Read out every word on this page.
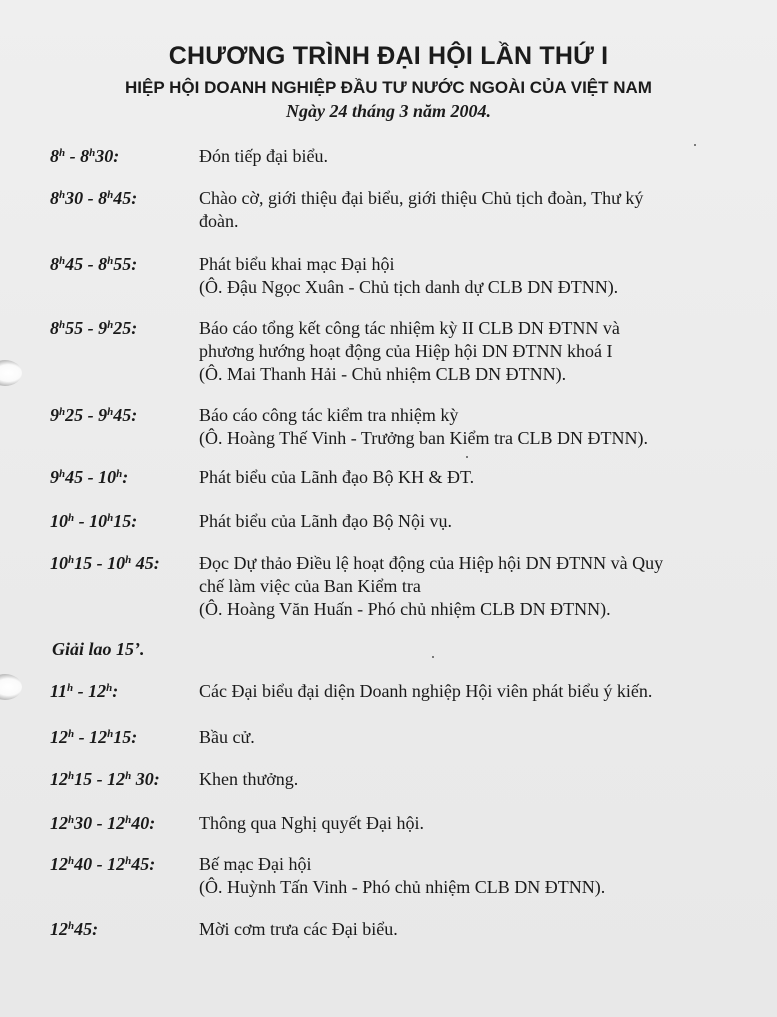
CHƯƠNG TRÌNH ĐẠI HỘI LẦN THỨ I
HIỆP HỘI DOANH NGHIỆP ĐẦU TƯ NƯỚC NGOÀI CỦA VIỆT NAM
Ngày 24 tháng 3 năm 2004.
8$^h$ - 8$^h$30:	Đón tiếp đại biểu.
8$^h$30 - 8$^h$45:	Chào cờ, giới thiệu đại biểu, giới thiệu Chủ tịch đoàn, Thư ký
đoàn.
8$^h$45 - 8$^h$55:	Phát biểu khai mạc Đại hội
(Ô. Đậu Ngọc Xuân - Chủ tịch danh dự CLB DN ĐTNN).
8$^h$55 - 9$^h$25:	Báo cáo tổng kết công tác nhiệm kỳ II CLB DN ĐTNN và
phương hướng hoạt động của Hiệp hội DN ĐTNN khoá I
(Ô. Mai Thanh Hải - Chủ nhiệm CLB DN ĐTNN).
9$^h$25 - 9$^h$45:	Báo cáo công tác kiểm tra nhiệm kỳ
(Ô. Hoàng Thế Vinh - Trưởng ban Kiểm tra CLB DN ĐTNN).
9$^h$45 - 10$^h$:	Phát biểu của Lãnh đạo Bộ KH & ĐT.
10$^h$ - 10$^h$15:	Phát biểu của Lãnh đạo Bộ Nội vụ.
10$^h$15 - 10$^h$ 45: Đọc Dự thảo Điều lệ hoạt động của Hiệp hội DN ĐTNN và Quy
chế làm việc của Ban Kiểm tra
(Ô. Hoàng Văn Huấn - Phó chủ nhiệm CLB DN ĐTNN).
Giải lao 15’.
11$^h$ - 12$^h$:	Các Đại biểu đại diện Doanh nghiệp Hội viên phát biểu ý kiến.
12$^h$ - 12$^h$15:	Bầu cử.
12$^h$15 - 12$^h$ 30: Khen thưởng.
12$^h$30 - 12$^h$40: Thông qua Nghị quyết Đại hội.
12$^h$40 - 12$^h$45: Bế mạc Đại hội
(Ô. Huỳnh Tấn Vinh - Phó chủ nhiệm CLB DN ĐTNN).
12$^h$45:	Mời cơm trưa các Đại biểu.
